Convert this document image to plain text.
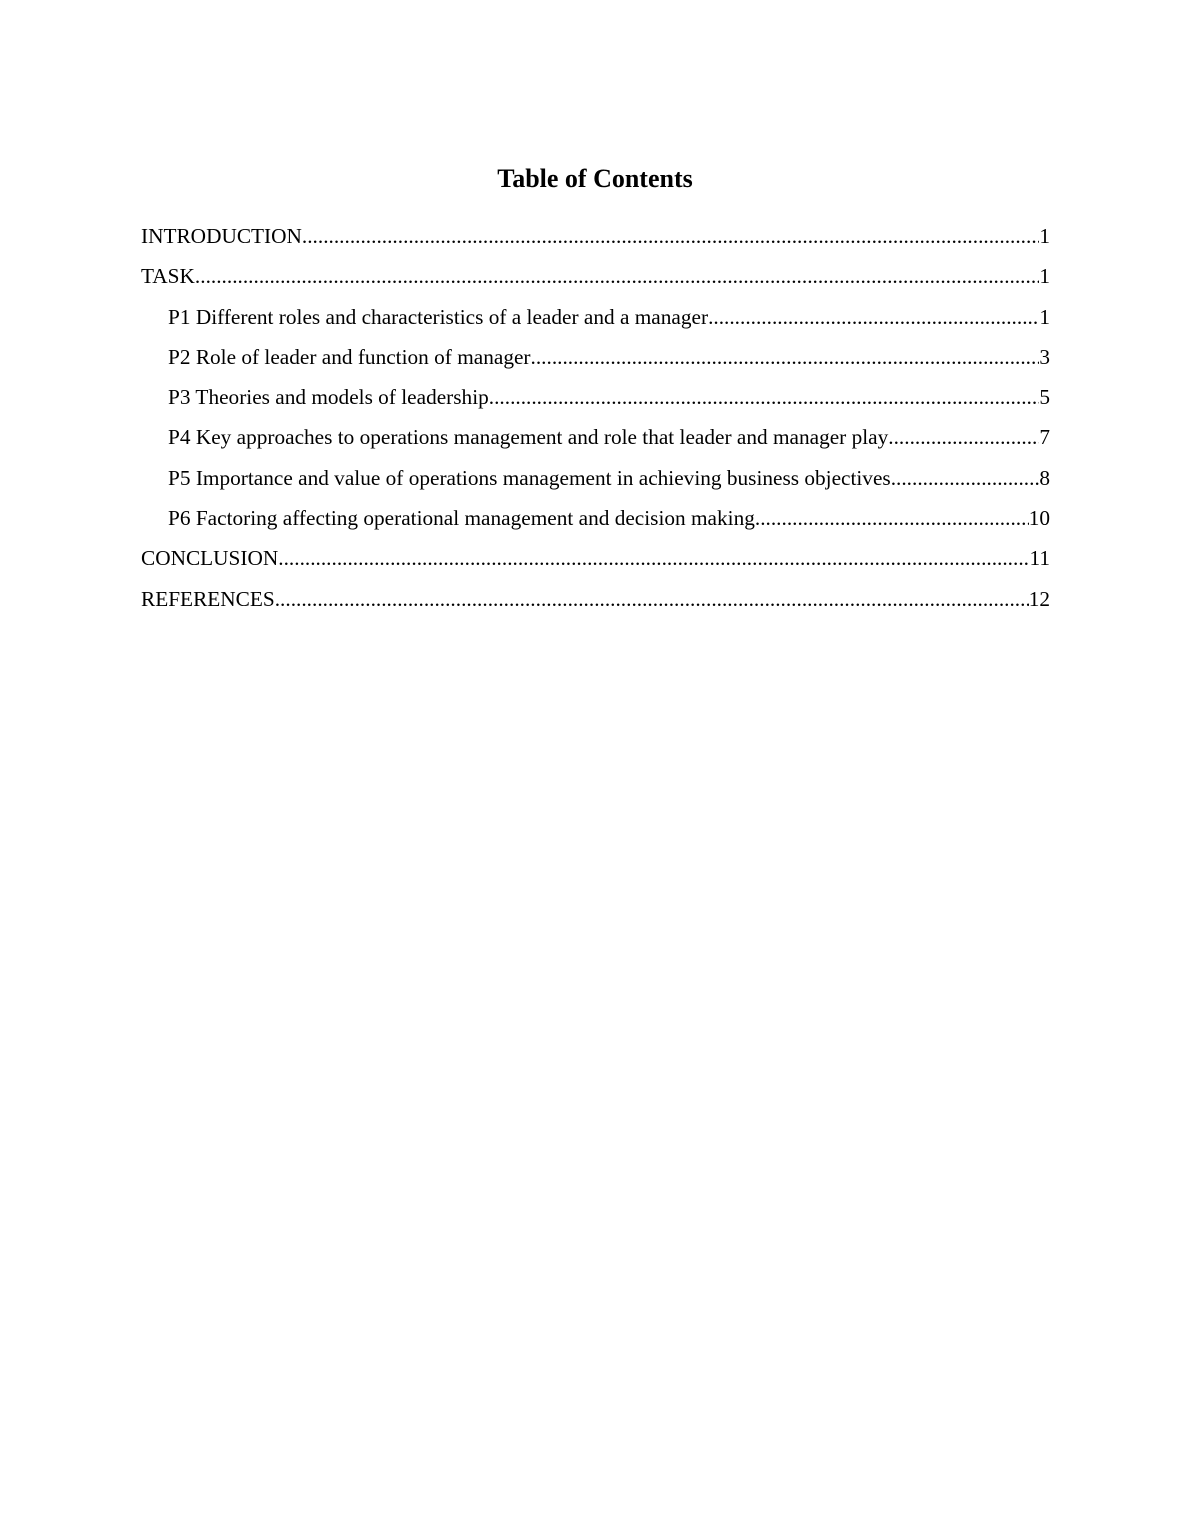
Table of Contents
INTRODUCTION .....	1
TASK .....	1
P1 Different roles and characteristics of a leader and a manager .....	1
P2 Role of leader and function of manager .....	3
P3 Theories and models of leadership .....	5
P4 Key approaches to operations management and role that leader and manager play .....	7
P5 Importance and value of operations management in achieving business objectives .....	8
P6 Factoring affecting operational management and decision making .....	10
CONCLUSION .....	11
REFERENCES .....	12
